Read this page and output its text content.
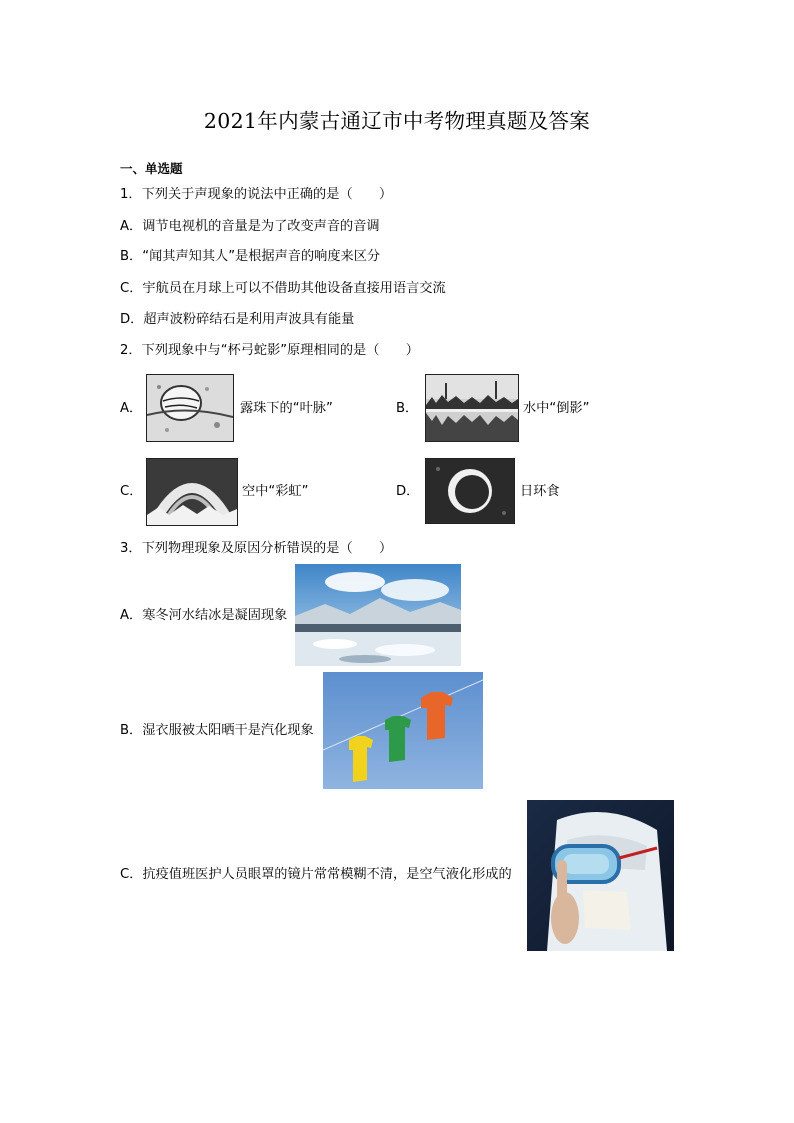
2021年内蒙古通辽市中考物理真题及答案
一、单选题
1．下列关于声现象的说法中正确的是（　　）
A．调节电视机的音量是为了改变声音的音调
B．“闻其声知其人”是根据声音的响度来区分
C．宇航员在月球上可以不借助其他设备直接用语言交流
D．超声波粉碎结石是利用声波具有能量
2．下列现象中与“杯弓蛇影”原理相同的是（　　）
A．	露珠下的“叶脉”	B．	水中“倒影”
C．	空中“彩虹”	D．	日环食
3．下列物理现象及原因分析错误的是（　　）
A．寒冬河水结冰是凝固现象
B．湿衣服被太阳晒干是汽化现象
C．抗疫值班医护人员眼罩的镜片常常模糊不清，是空气液化形成的
